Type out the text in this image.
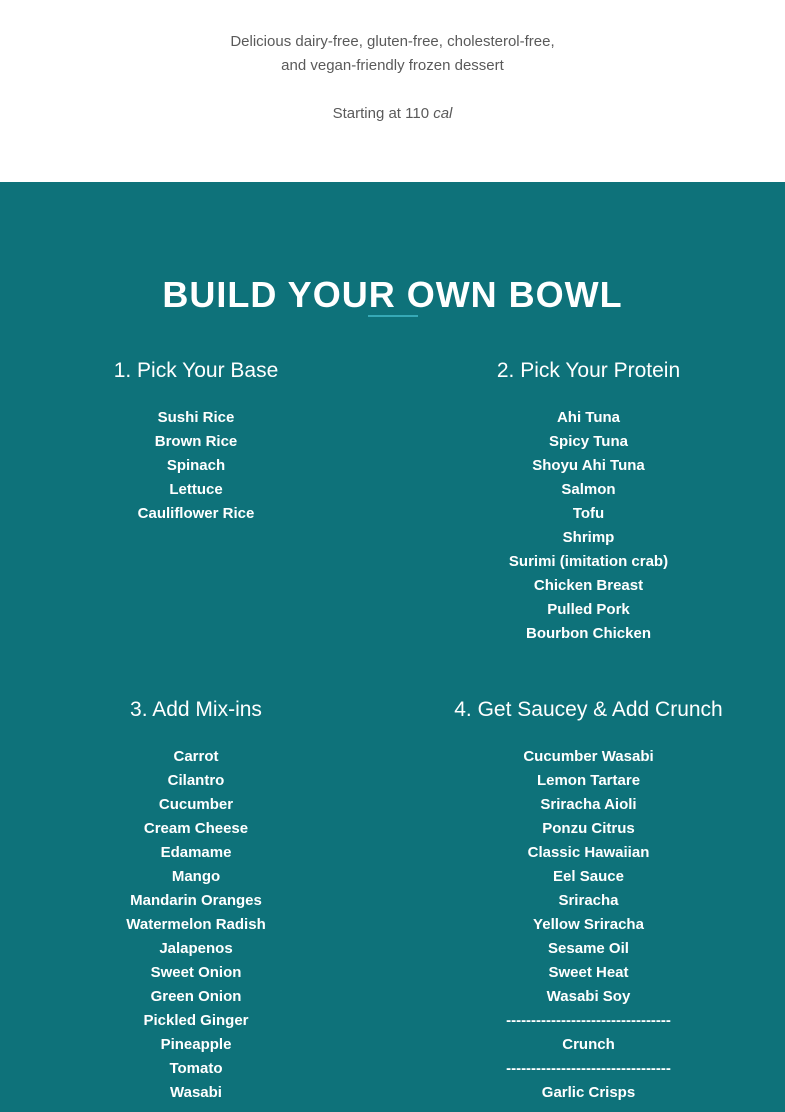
Delicious dairy-free, gluten-free, cholesterol-free,
and vegan-friendly frozen dessert
Starting at 110 cal
BUILD YOUR OWN BOWL
1. Pick Your Base
Sushi Rice
Brown Rice
Spinach
Lettuce
Cauliflower Rice
2. Pick Your Protein
Ahi Tuna
Spicy Tuna
Shoyu Ahi Tuna
Salmon
Tofu
Shrimp
Surimi (imitation crab)
Chicken Breast
Pulled Pork
Bourbon Chicken
3. Add Mix-ins
Carrot
Cilantro
Cucumber
Cream Cheese
Edamame
Mango
Mandarin Oranges
Watermelon Radish
Jalapenos
Sweet Onion
Green Onion
Pickled Ginger
Pineapple
Tomato
Wasabi
4. Get Saucey & Add Crunch
Cucumber Wasabi
Lemon Tartare
Sriracha Aioli
Ponzu Citrus
Classic Hawaiian
Eel Sauce
Sriracha
Yellow Sriracha
Sesame Oil
Sweet Heat
Wasabi Soy
---------------------------------
Crunch
---------------------------------
Garlic Crisps
